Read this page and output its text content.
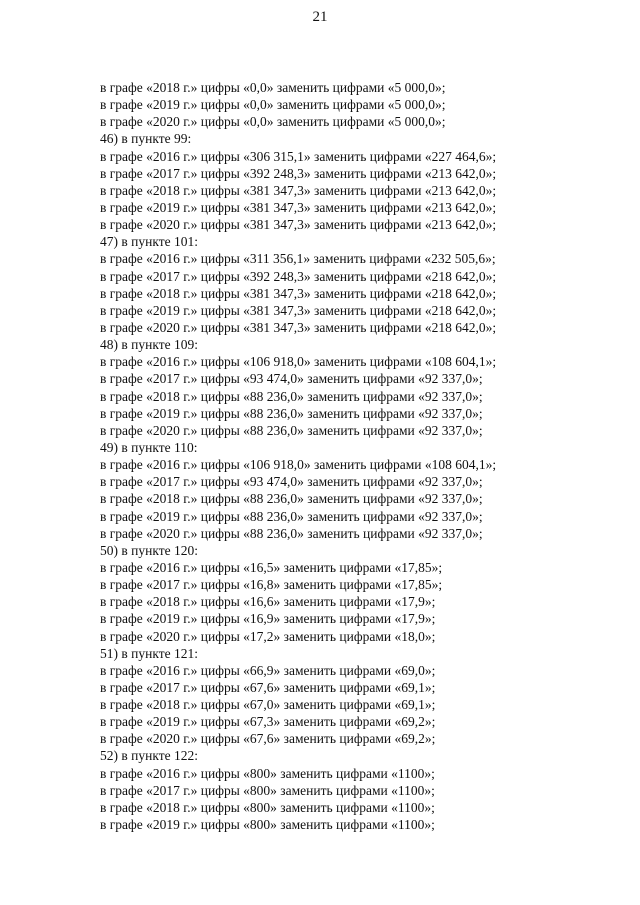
21
в графе «2018 г.» цифры «0,0» заменить цифрами «5 000,0»;
в графе «2019 г.» цифры «0,0» заменить цифрами «5 000,0»;
в графе «2020 г.» цифры «0,0» заменить цифрами «5 000,0»;
46) в пункте 99:
в графе «2016 г.» цифры «306 315,1» заменить цифрами «227 464,6»;
в графе «2017 г.» цифры «392 248,3» заменить цифрами «213 642,0»;
в графе «2018 г.» цифры «381 347,3» заменить цифрами «213 642,0»;
в графе «2019 г.» цифры «381 347,3» заменить цифрами «213 642,0»;
в графе «2020 г.» цифры «381 347,3» заменить цифрами «213 642,0»;
47) в пункте 101:
в графе «2016 г.» цифры «311 356,1» заменить цифрами «232 505,6»;
в графе «2017 г.» цифры «392 248,3» заменить цифрами «218 642,0»;
в графе «2018 г.» цифры «381 347,3» заменить цифрами «218 642,0»;
в графе «2019 г.» цифры «381 347,3» заменить цифрами «218 642,0»;
в графе «2020 г.» цифры «381 347,3» заменить цифрами «218 642,0»;
48) в пункте 109:
в графе «2016 г.» цифры «106 918,0» заменить цифрами «108 604,1»;
в графе «2017 г.» цифры «93 474,0» заменить цифрами «92 337,0»;
в графе «2018 г.» цифры «88 236,0» заменить цифрами «92 337,0»;
в графе «2019 г.» цифры «88 236,0» заменить цифрами «92 337,0»;
в графе «2020 г.» цифры «88 236,0» заменить цифрами «92 337,0»;
49) в пункте 110:
в графе «2016 г.» цифры «106 918,0» заменить цифрами «108 604,1»;
в графе «2017 г.» цифры «93 474,0» заменить цифрами «92 337,0»;
в графе «2018 г.» цифры «88 236,0» заменить цифрами «92 337,0»;
в графе «2019 г.» цифры «88 236,0» заменить цифрами «92 337,0»;
в графе «2020 г.» цифры «88 236,0» заменить цифрами «92 337,0»;
50) в пункте 120:
в графе «2016 г.» цифры «16,5» заменить цифрами «17,85»;
в графе «2017 г.» цифры «16,8» заменить цифрами «17,85»;
в графе «2018 г.» цифры «16,6» заменить цифрами «17,9»;
в графе «2019 г.» цифры «16,9» заменить цифрами «17,9»;
в графе «2020 г.» цифры «17,2» заменить цифрами «18,0»;
51) в пункте 121:
в графе «2016 г.» цифры «66,9» заменить цифрами «69,0»;
в графе «2017 г.» цифры «67,6» заменить цифрами «69,1»;
в графе «2018 г.» цифры «67,0» заменить цифрами «69,1»;
в графе «2019 г.» цифры «67,3» заменить цифрами «69,2»;
в графе «2020 г.» цифры «67,6» заменить цифрами «69,2»;
52) в пункте 122:
в графе «2016 г.» цифры «800» заменить цифрами «1100»;
в графе «2017 г.» цифры «800» заменить цифрами «1100»;
в графе «2018 г.» цифры «800» заменить цифрами «1100»;
в графе «2019 г.» цифры «800» заменить цифрами «1100»;
